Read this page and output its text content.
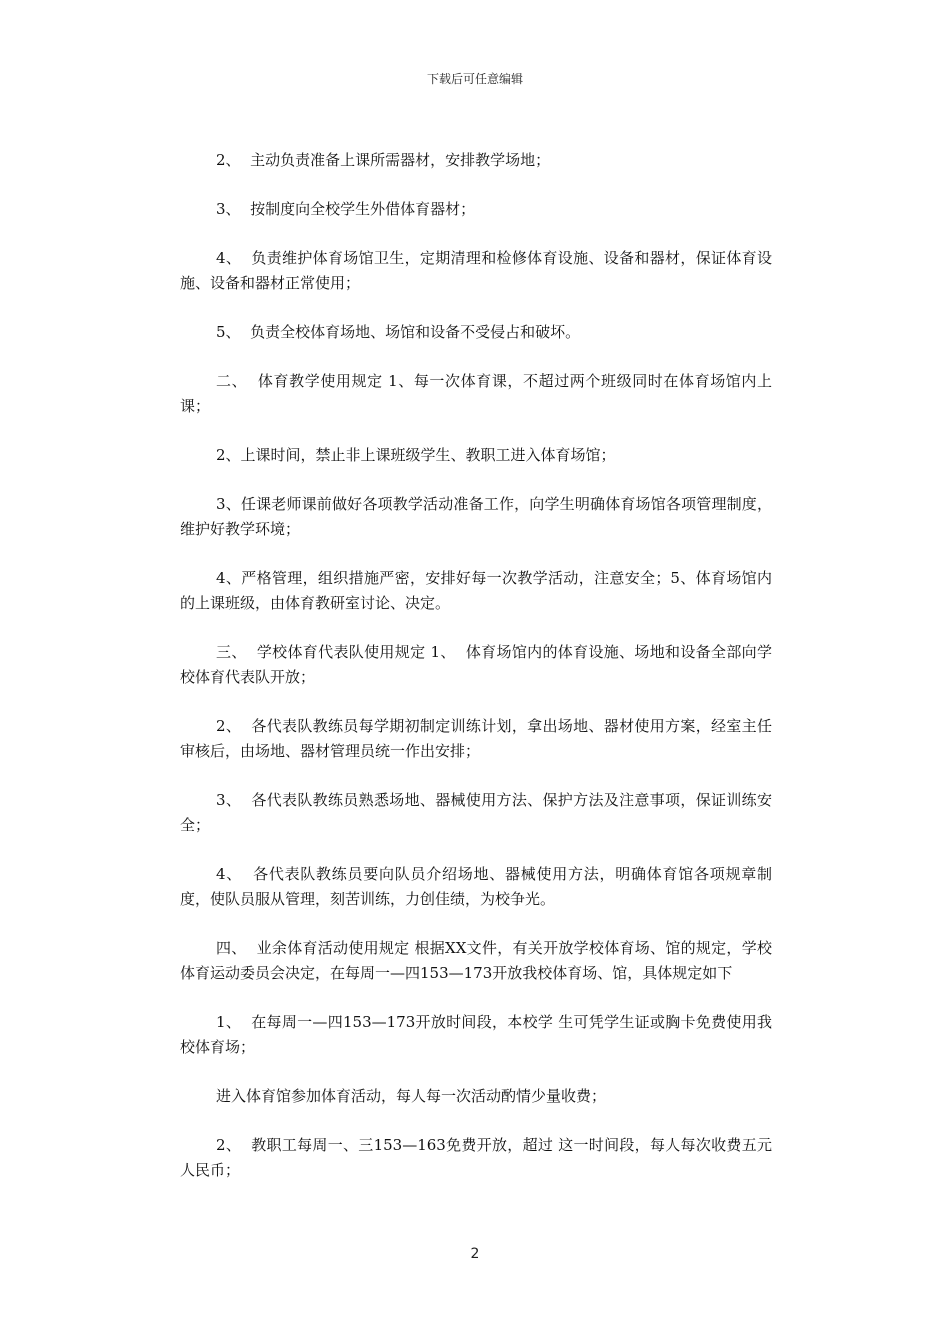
下载后可任意编辑

2、  主动负责准备上课所需器材，安排教学场地；

3、  按制度向全校学生外借体育器材；

4、  负责维护体育场馆卫生，定期清理和检修体育设施、设备和器材，保证体育设施、设备和器材正常使用；

5、  负责全校体育场地、场馆和设备不受侵占和破坏。

二、  体育教学使用规定 1、每一次体育课，不超过两个班级同时在体育场馆内上课；

2、上课时间，禁止非上课班级学生、教职工进入体育场馆；

3、任课老师课前做好各项教学活动准备工作，向学生明确体育场馆各项管理制度，维护好教学环境；

4、严格管理，组织措施严密，安排好每一次教学活动，注意安全；5、体育场馆内的上课班级，由体育教研室讨论、决定。

三、  学校体育代表队使用规定 1、  体育场馆内的体育设施、场地和设备全部向学校体育代表队开放；

2、  各代表队教练员每学期初制定训练计划，拿出场地、器材使用方案，经室主任审核后，由场地、器材管理员统一作出安排；

3、  各代表队教练员熟悉场地、器械使用方法、保护方法及注意事项，保证训练安全；

4、  各代表队教练员要向队员介绍场地、器械使用方法，明确体育馆各项规章制度，使队员服从管理，刻苦训练，力创佳绩，为校争光。

四、  业余体育活动使用规定 根据XX文件，有关开放学校体育场、馆的规定，学校体育运动委员会决定，在每周一—四153—173开放我校体育场、馆，具体规定如下

1、  在每周一—四153—173开放时间段，本校学 生可凭学生证或胸卡免费使用我校体育场；

进入体育馆参加体育活动，每人每一次活动酌情少量收费；

2、  教职工每周一、三153—163免费开放，超过 这一时间段，每人每次收费五元人民币；

2
